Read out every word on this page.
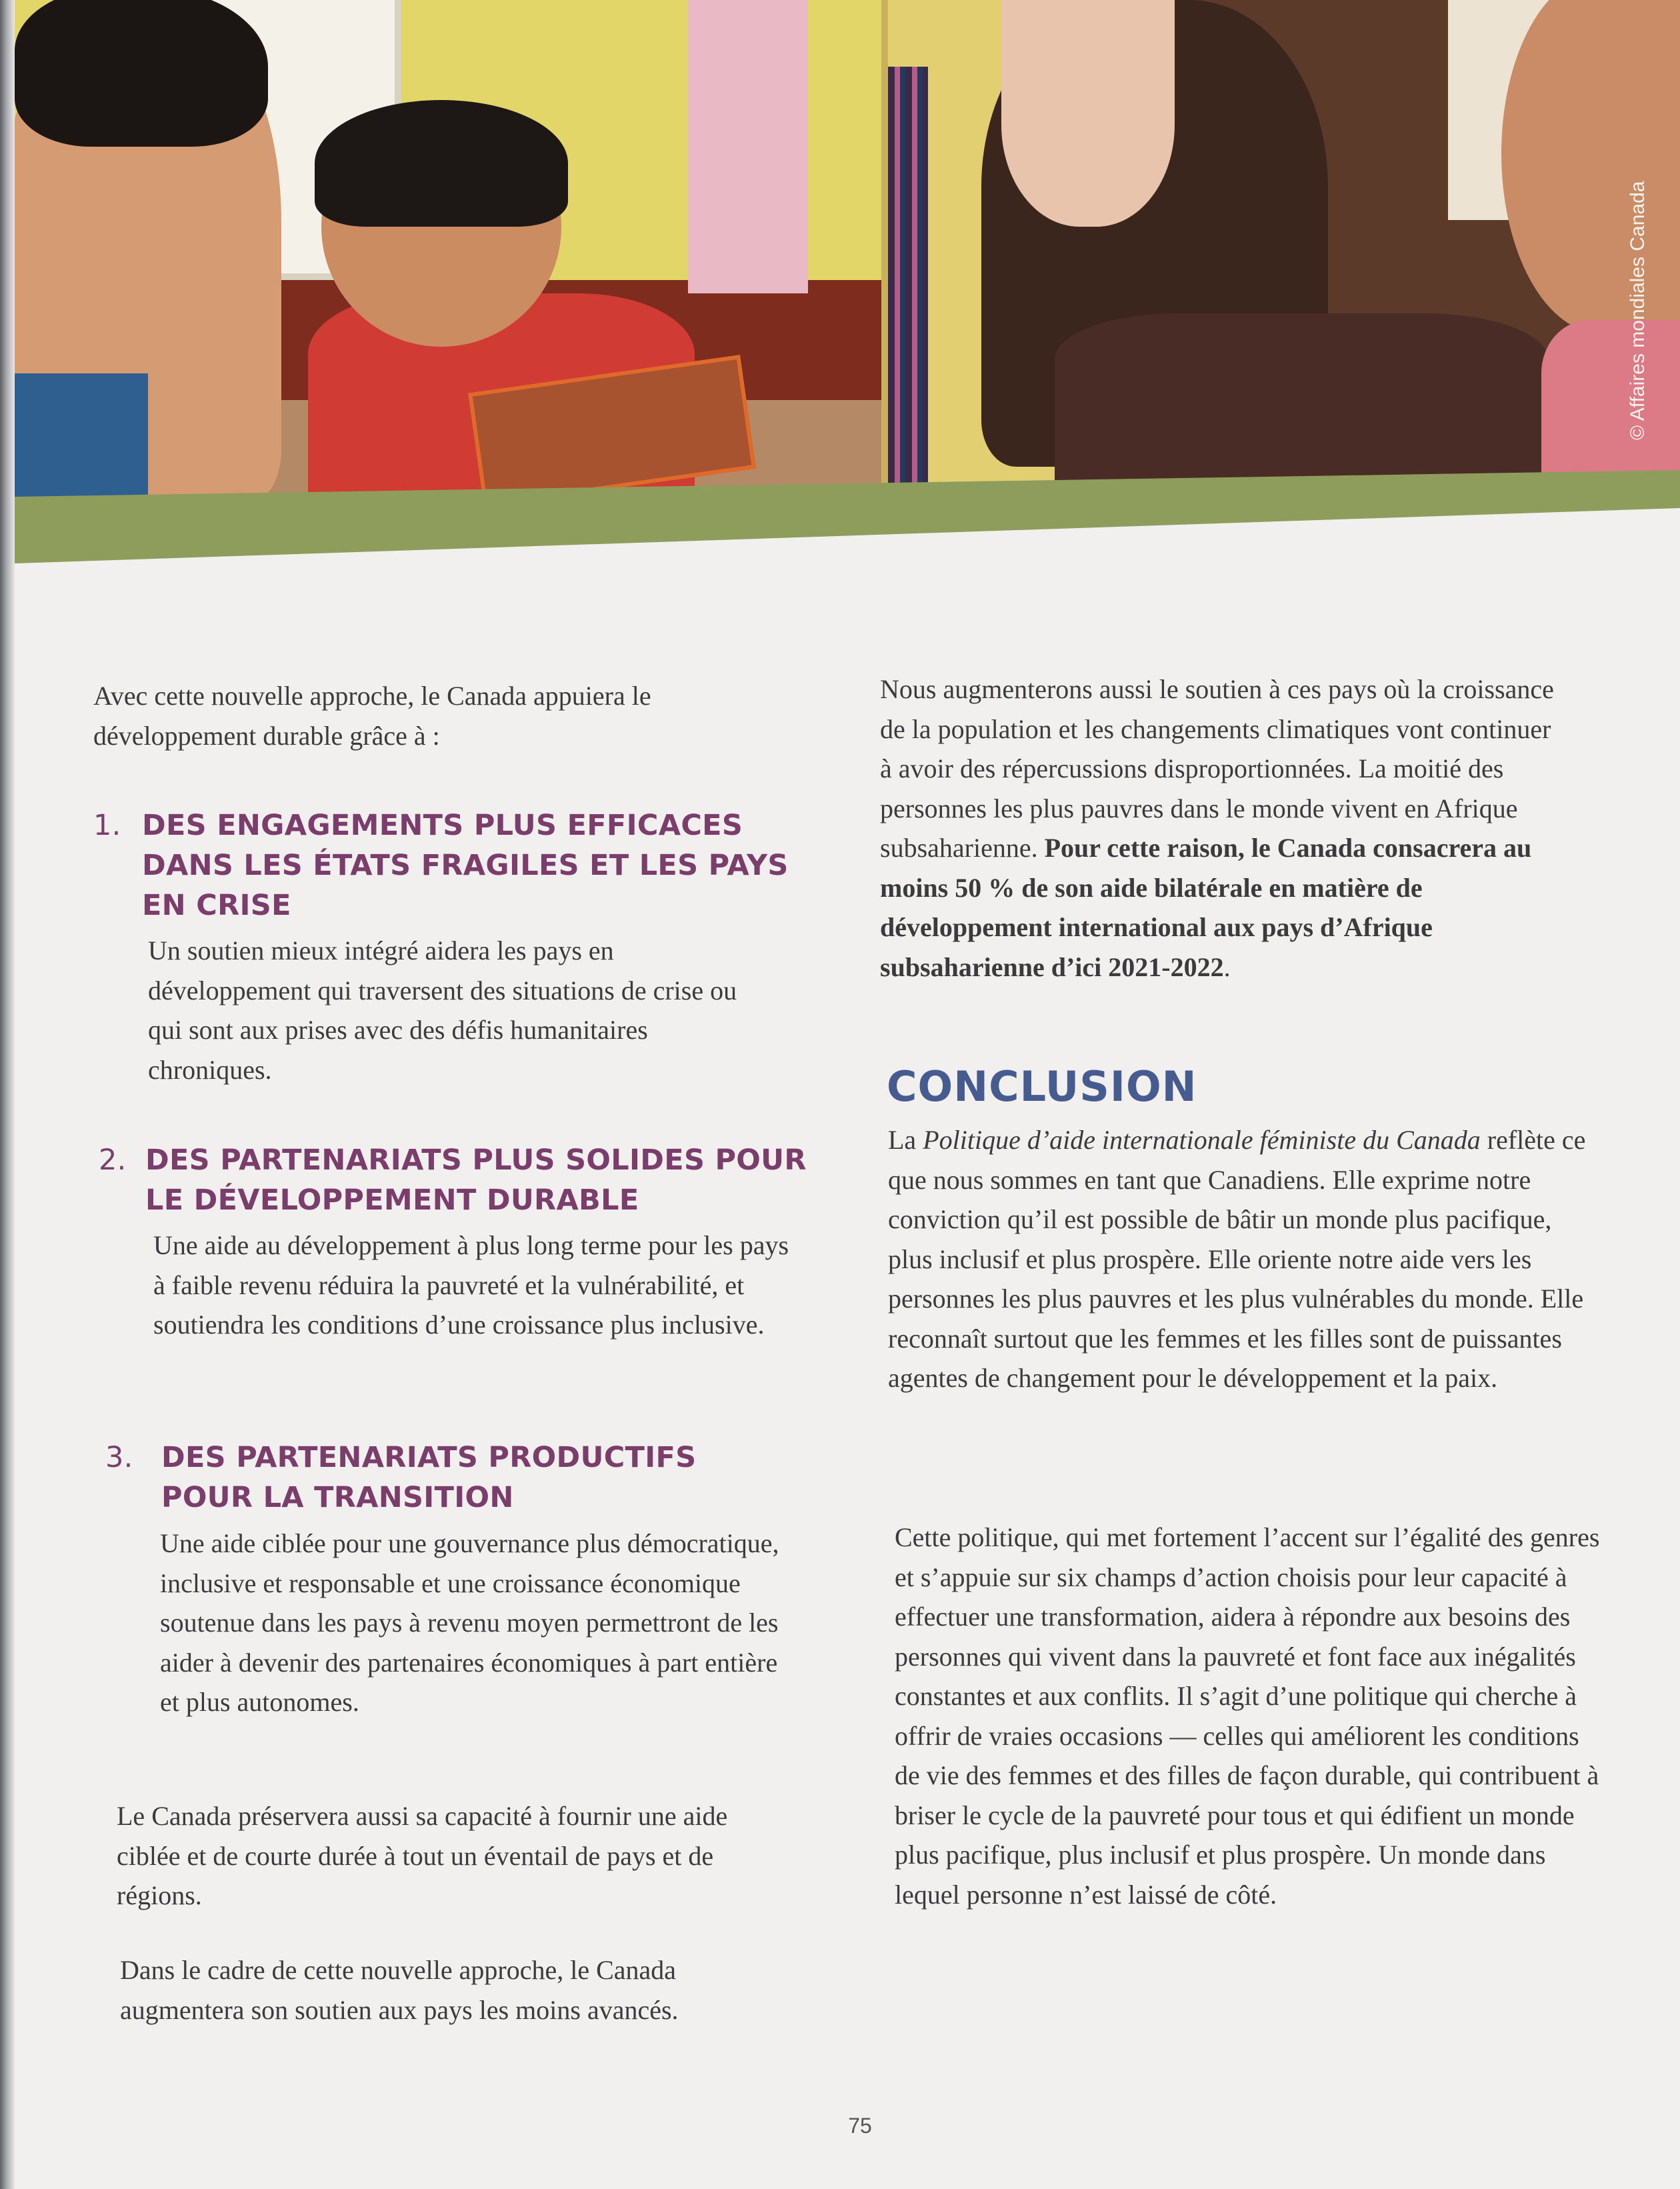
© Affaires mondiales Canada

Avec cette nouvelle approche, le Canada appuiera le développement durable grâce à :

1. DES ENGAGEMENTS PLUS EFFICACES DANS LES ÉTATS FRAGILES ET LES PAYS EN CRISE

Un soutien mieux intégré aidera les pays en développement qui traversent des situations de crise ou qui sont aux prises avec des défis humanitaires chroniques.

2. DES PARTENARIATS PLUS SOLIDES POUR LE DÉVELOPPEMENT DURABLE

Une aide au développement à plus long terme pour les pays à faible revenu réduira la pauvreté et la vulnérabilité, et soutiendra les conditions d’une croissance plus inclusive.

3. DES PARTENARIATS PRODUCTIFS POUR LA TRANSITION

Une aide ciblée pour une gouvernance plus démocratique, inclusive et responsable et une croissance économique soutenue dans les pays à revenu moyen permettront de les aider à devenir des partenaires économiques à part entière et plus autonomes.

Le Canada préservera aussi sa capacité à fournir une aide ciblée et de courte durée à tout un éventail de pays et de régions.

Dans le cadre de cette nouvelle approche, le Canada augmentera son soutien aux pays les moins avancés.

Nous augmenterons aussi le soutien à ces pays où la croissance de la population et les changements climatiques vont continuer à avoir des répercussions disproportionnées. La moitié des personnes les plus pauvres dans le monde vivent en Afrique subsaharienne. Pour cette raison, le Canada consacrera au moins 50 % de son aide bilatérale en matière de développement international aux pays d’Afrique subsaharienne d’ici 2021-2022.

CONCLUSION

La Politique d’aide internationale féministe du Canada reflète ce que nous sommes en tant que Canadiens. Elle exprime notre conviction qu’il est possible de bâtir un monde plus pacifique, plus inclusif et plus prospère. Elle oriente notre aide vers les personnes les plus pauvres et les plus vulnérables du monde. Elle reconnaît surtout que les femmes et les filles sont de puissantes agentes de changement pour le développement et la paix.

Cette politique, qui met fortement l’accent sur l’égalité des genres et s’appuie sur six champs d’action choisis pour leur capacité à effectuer une transformation, aidera à répondre aux besoins des personnes qui vivent dans la pauvreté et font face aux inégalités constantes et aux conflits. Il s’agit d’une politique qui cherche à offrir de vraies occasions — celles qui améliorent les conditions de vie des femmes et des filles de façon durable, qui contribuent à briser le cycle de la pauvreté pour tous et qui édifient un monde plus pacifique, plus inclusif et plus prospère. Un monde dans lequel personne n’est laissé de côté.

75
